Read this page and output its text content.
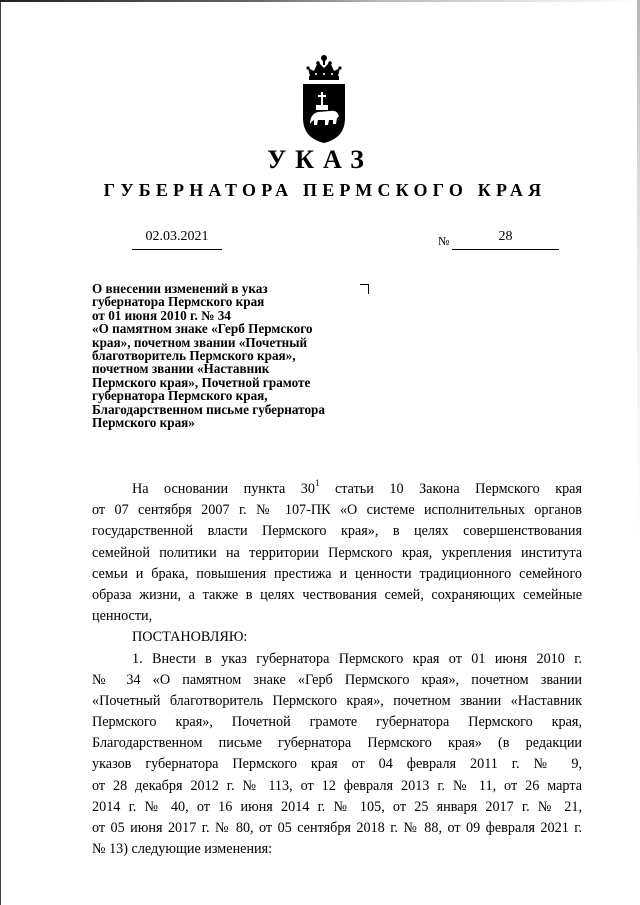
УКАЗ
ГУБЕРНАТОРА ПЕРМСКОГО КРАЯ
02.03.2021	№	28
О внесении изменений в указ
губернатора Пермского края
от 01 июня 2010 г. № 34
«О памятном знаке «Герб Пермского
края», почетном звании «Почетный
благотворитель Пермского края»,
почетном звании «Наставник
Пермского края», Почетной грамоте
губернатора Пермского края,
Благодарственном письме губернатора
Пермского края»
На основании пункта $30^1$ статьи 10 Закона Пермского края
от 07 сентября 2007 г. № 107-ПК «О системе исполнительных органов
государственной власти Пермского края», в целях совершенствования
семейной политики на территории Пермского края, укрепления института
семьи и брака, повышения престижа и ценности традиционного семейного
образа жизни, а также в целях чествования семей, сохраняющих семейные
ценности,
ПОСТАНОВЛЯЮ:
1. Внести в указ губернатора Пермского края от 01 июня 2010 г.
№ 34 «О памятном знаке «Герб Пермского края», почетном звании
«Почетный благотворитель Пермского края», почетном звании «Наставник
Пермского края», Почетной грамоте губернатора Пермского края,
Благодарственном письме губернатора Пермского края» (в редакции
указов губернатора Пермского края от 04 февраля 2011 г. № 9,
от 28 декабря 2012 г. № 113, от 12 февраля 2013 г. № 11, от 26 марта
2014 г. № 40, от 16 июня 2014 г. № 105, от 25 января 2017 г. № 21,
от 05 июня 2017 г. № 80, от 05 сентября 2018 г. № 88, от 09 февраля 2021 г.
№ 13) следующие изменения:
